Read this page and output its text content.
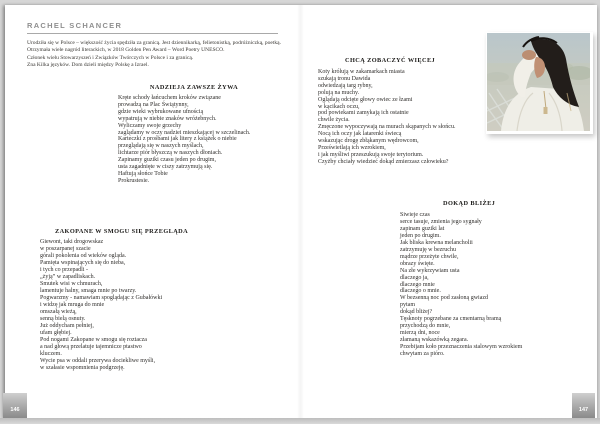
RACHEL SCHANCER
Urodziła się w Polsce – większość życia spędziła za granicą. Jest dziennikarką, felietonistką, podróżniczką, poetką.
Otrzymała wiele nagród literackich, w 2018 Golden Pen Award – Word Poetry UNESCO.
Członek wielu Stowarzyszeń i Związków Twórczych w Polsce i za granicą.
Zna Kilka języków. Dom dzieli między Polskę a Izrael.
NADZIEJA ZAWSZE ŻYWA
Kręte schody łańcuchem kroków związane
prowadzą na Plac Świątynny,
gdzie wieki wybrukowane ufnością
wypatrują w niebie znaków wróżebnych.
Wyliczamy swoje grzechy
zaglądamy w oczy nadziei mieszkającej w szczelinach.
Karteczki z prośbami jak litery z książek o niebie
przeglądają się w naszych myślach,
lichtarze piór błyszczą w naszych dłoniach.
Zapinamy guziki czasu jeden po drugim,
usta zagadnięte w ciszy zatrzymują się.
Haftują słońce Tobie
Prokrustesie.
ZAKOPANE W SMOGU SIĘ PRZEGLĄDA
Giewont, taki drogowskaz
w poszarpanej szacie
górali pokolenia od wieków ogląda.
Pamięta wspinających się do nieba,
i tych co przepadli -
„żyją” w zapadliskach.
Smutek wisi w chmurach,
lamentuje halny, smaga mnie po twarzy.
Pogwarzmy - namawiam spoglądając z Gubałówki
i widzę jak mruga do mnie
omszałą wieżą,
senną bielą osnuty.
Już oddycham pełniej,
ufam głębiej.
Pod nogami Zakopane w smogu się roztacza
a nad głową przelatuje tajemnicze ptastwo
kluczem.
Wycie psa w oddali przerywa dociekliwe myśli,
w szałasie wspomnienia podgrzeję.
146
CHCĄ ZOBACZYĆ WIĘCEJ
Koty królują w zakamarkach miasta
szukają tronu Dawida
odwiedzają targ rybny,
polują na muchy.
Oglądają odcięte głowy owiec ze łzami
w kącikach oczu,
pod powiekami zamykają ich ostatnie
chwile życia.
Zmęczone wypoczywają na murach skąpanych w słońcu.
Nocą ich oczy jak latarenki świecą
wskazując drogę zbłąkanym wędrowcom,
Prześwietlają ich wzrokiem,
i jak myśliwi przeszukują swoje terytorium.
Czyżby chciały wiedzieć dokąd zmierzasz człowieku?
DOKĄD BLIŻEJ
Siwieje czas
serce tasuje, zmienia jego sygnały
zapinam guziki lat
jeden po drugim.
Jak bliska krewna melancholii
zatrzymuję w bezruchu
mądrze przeżyte chwile,
obrazy święte.
Na złe wykrzywiam usta
dlaczego ja,
dlaczego mnie
dlaczego o mnie.
W bezsenną noc pod zasłoną gwiazd
pytam
dokąd bliżej?
Tęsknoty pogrzebane za cmentarną bramą
przychodzą do mnie,
mierzą dni, noce
złamaną wskazówką zegara.
Przebijam koło przeznaczenia stalowym wzrokiem
chwytam za pióro.
147
